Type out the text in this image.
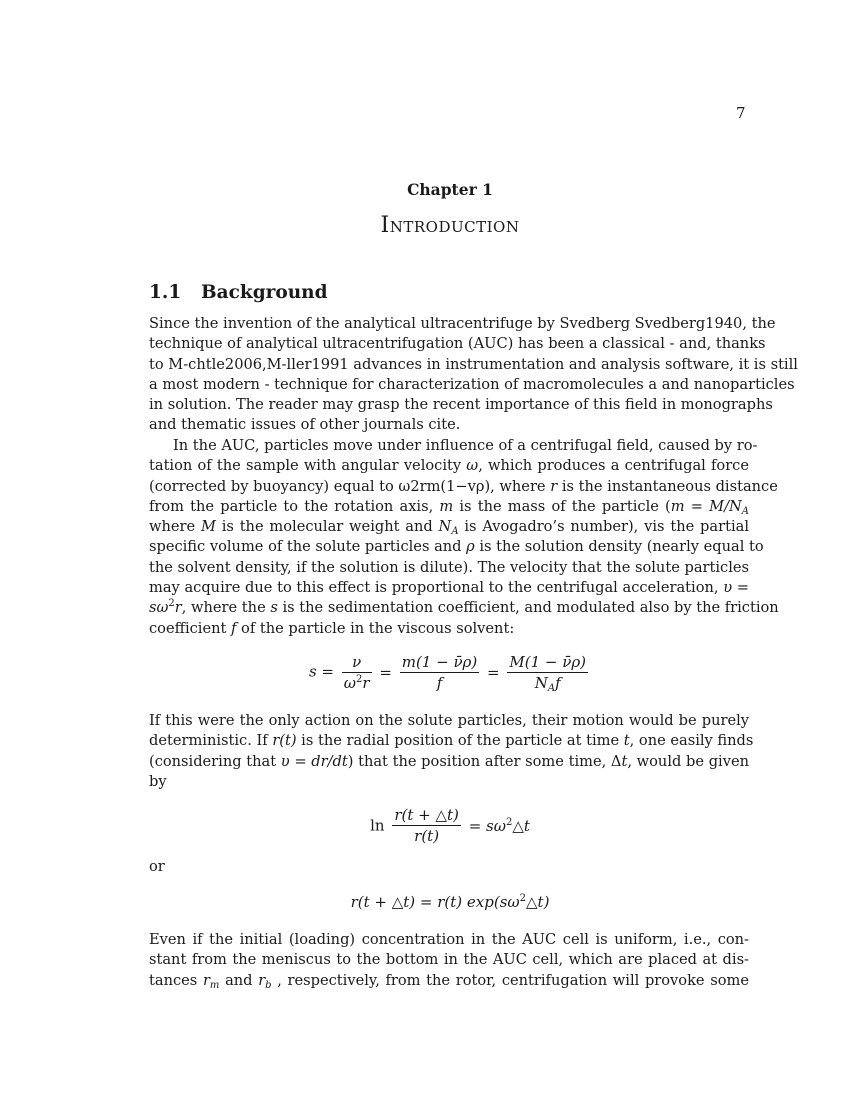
7
Chapter 1
Introduction
1.1 Background
Since the invention of the analytical ultracentrifuge by Svedberg Svedberg1940, the
technique of analytical ultracentrifugation (AUC) has been a classical - and, thanks
to M-chtle2006,M-ller1991 advances in instrumentation and analysis software, it is still
a most modern - technique for characterization of macromolecules a and nanoparticles
in solution. The reader may grasp the recent importance of this field in monographs
and thematic issues of other journals cite.
In the AUC, particles move under influence of a centrifugal field, caused by ro-
tation of the sample with angular velocity ω, which produces a centrifugal force
(corrected by buoyancy) equal to ω2rm(1−vρ), where r is the instantaneous distance
from the particle to the rotation axis, m is the mass of the particle ($m = M/N_A$
where M is the molecular weight and $N_A$ is Avogadro’s number), vis the partial
specific volume of the solute particles and ρ is the solution density (nearly equal to
the solvent density, if the solution is dilute). The velocity that the solute particles
may acquire due to this effect is proportional to the centrifugal acceleration, υ =
$s\omega^2r$, where the s is the sedimentation coefficient, and modulated also by the friction
coefficient f of the particle in the viscous solvent:
$s = \frac{\nu}{\omega^2r} = \frac{m(1 - \nū\rho)}{f} = \frac{M(1 - \nū\rho)}{N_Af}$
If this were the only action on the solute particles, their motion would be purely
deterministic. If r(t) is the radial position of the particle at time t, one easily finds
(considering that υ = dr/dt) that the position after some time, Δt, would be given
by
$\ln \frac{r(t + \triangle t)}{r(t)}$ = $s\omega^2\triangle t$
or
r(t + △t) = r(t) $\exp(s\omega^2\triangle t)$
Even if the initial (loading) concentration in the AUC cell is uniform, i.e., con-
stant from the meniscus to the bottom in the AUC cell, which are placed at dis-
tances $r_m$ and $r_b$ , respectively, from the rotor, centrifugation will provoke some
